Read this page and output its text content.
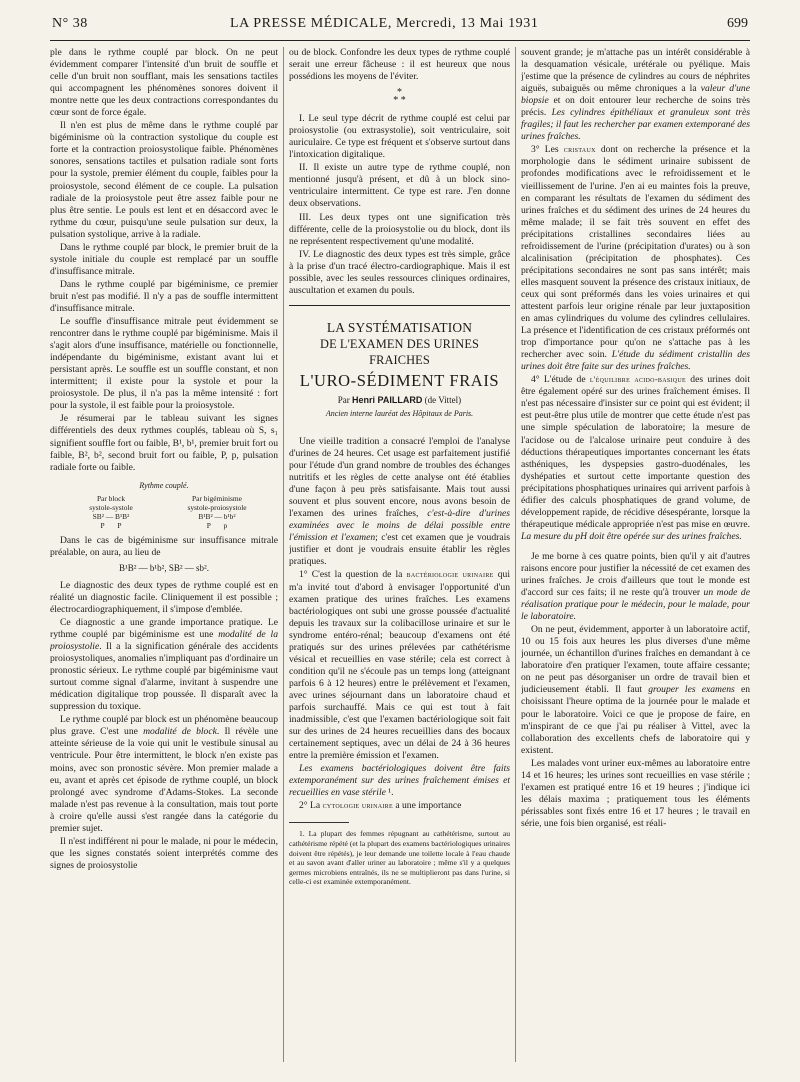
N° 38	LA PRESSE MÉDICALE, Mercredi, 13 Mai 1931	699

ple dans le rythme couplé par block. On ne peut évidemment comparer l'intensité d'un bruit de souffle et celle d'un bruit non soufflant, mais les sensations tactiles qui accompagnent les phénomènes sonores doivent il montre nette que les deux contractions correspondantes du cœur sont de force égale.

Il n'en est plus de même dans le rythme couplé par bigéminisme où la contraction systolique du couple est forte et la contraction proiosystolique faible. Phénomènes sonores, sensations tactiles et pulsation radiale sont forts pour la systole, premier élément du couple, faibles pour la proiosystole, second élément de ce couple. La pulsation radiale de la proiosystole peut être assez faible pour ne plus être sentie. Le pouls est lent et en désaccord avec le rythme du cœur, puisqu'une seule pulsation sur deux, la pulsation systolique, arrive à la radiale.

Dans le rythme couplé par block, le premier bruit de la systole initiale du couple est remplacé par un souffle d'insuffisance mitrale.

Dans le rythme couplé par bigéminisme, ce premier bruit n'est pas modifié. Il n'y a pas de souffle intermittent d'insuffisance mitrale.

Le souffle d'insuffisance mitrale peut évidemment se rencontrer dans le rythme couplé par bigéminisme. Mais il s'agit alors d'une insuffisance, matérielle ou fonctionnelle, indépendante du bigéminisme, existant avant lui et persistant après. Le souffle est un souffle constant, et non intermittent; il existe pour la systole et pour la proiosystole. De plus, il n'a pas la même intensité : fort pour la systole, il est faible pour la proiosystole.

Je résumerai par le tableau suivant les signes différentiels des deux rythmes couplés, tableau où S, s₁ signifient souffle fort ou faible, B¹, b¹, premier bruit fort ou faible, B², b², second bruit fort ou faible, P, p, pulsation radiale forte ou faible.

Rythme couplé.
Par block
systole-systole
SB² — B¹B²
P       P
Par bigéminisme
systole-proiosystole
B¹B² — b¹b²
P       p

Dans le cas de bigéminisme sur insuffisance mitrale préalable, on aura, au lieu de

B¹B² — b¹b², SB² — sb².

Le diagnostic des deux types de rythme couplé est en réalité un diagnostic facile. Cliniquement il est possible ; électrocardiographiquement, il s'impose d'emblée.

Ce diagnostic a une grande importance pratique. Le rythme couplé par bigéminisme est une modalité de la proiosystolie. Il a la signification générale des accidents proiosystoliques, anomalies n'impliquant pas d'ordinaire un pronostic sérieux. Le rythme couplé par bigéminisme vaut surtout comme signal d'alarme, invitant à suspendre une médication digitalique trop poussée. Il disparaît avec la suppression du toxique.

Le rythme couplé par block est un phénomène beaucoup plus grave. C'est une modalité de block. Il révèle une atteinte sérieuse de la voie qui unit le vestibule sinusal au ventricule. Pour être intermittent, le block n'en existe pas moins, avec son pronostic sévère. Mon premier malade a eu, avant et après cet épisode de rythme couplé, un block prolongé avec syndrome d'Adams-Stokes. La seconde malade n'est pas revenue à la consultation, mais tout porte à croire qu'elle aussi s'est rangée dans la catégorie du premier sujet.

Il n'est indifférent ni pour le malade, ni pour le médecin, que les signes constatés soient interprétés comme des signes de proiosystolie

ou de block. Confondre les deux types de rythme couplé serait une erreur fâcheuse : il est heureux que nous possédions les moyens de l'éviter.

*
* *

I. Le seul type décrit de rythme couplé est celui par proiosystolie (ou extrasystolie), soit ventriculaire, soit auriculaire. Ce type est fréquent et s'observe surtout dans l'intoxication digitalique.

II. Il existe un autre type de rythme couplé, non mentionné jusqu'à présent, et dû à un block sino-ventriculaire intermittent. Ce type est rare. J'en donne deux observations.

III. Les deux types ont une signification très différente, celle de la proiosystolie ou du block, dont ils ne représentent respectivement qu'une modalité.

IV. Le diagnostic des deux types est très simple, grâce à la prise d'un tracé électro-cardiographique. Mais il est possible, avec les seules ressources cliniques ordinaires, auscultation et examen du pouls.

LA SYSTÉMATISATION
DE L'EXAMEN DES URINES FRAICHES
L'URO-SÉDIMENT FRAIS
Par Henri PAILLARD (de Vittel)
Ancien interne lauréat des Hôpitaux de Paris.

Une vieille tradition a consacré l'emploi de l'analyse d'urines de 24 heures. Cet usage est parfaitement justifié pour l'étude d'un grand nombre de troubles des échanges nutritifs et les règles de cette analyse ont été établies d'une façon à peu près satisfaisante. Mais tout aussi souvent et plus souvent encore, nous avons besoin de l'examen des urines fraîches, c'est-à-dire d'urines examinées avec le moins de délai possible entre l'émission et l'examen; c'est cet examen que je voudrais justifier et dont je voudrais ensuite établir les règles pratiques.

1° C'est la question de la bactériologie urinaire qui m'a invité tout d'abord à envisager l'opportunité d'un examen pratique des urines fraîches. Les examens bactériologiques ont subi une grosse poussée d'actualité depuis les travaux sur la colibacillose urinaire et sur le syndrome entéro-rénal; beaucoup d'examens ont été pratiqués sur des urines prélevées par cathétérisme vésical et recueillies en vase stérile; cela est correct à condition qu'il ne s'écoule pas un temps long (atteignant parfois 6 à 12 heures) entre le prélèvement et l'examen, avec urines séjournant dans un laboratoire chaud et parfois surchauffé. Mais ce qui est tout à fait inadmissible, c'est que l'examen bactériologique soit fait sur des urines de 24 heures recueillies dans des bocaux certainement septiques, avec un délai de 24 à 36 heures entre la première émission et l'examen.

Les examens bactériologiques doivent être faits extemporanément sur des urines fraîchement émises et recueillies en vase stérile ¹.

2° La cytologie urinaire a une importance

1. La plupart des femmes répugnant au cathétérisme, surtout au cathétérisme répété (et la plupart des examens bactériologiques urinaires doivent être répétés), je leur demande une toilette locale à l'eau chaude et au savon avant d'aller uriner au laboratoire ; même s'il y a quelques germes microbiens entraînés, ils ne se multiplieront pas dans l'urine, si celle-ci est examinée extemporanément.

souvent grande; je m'attache pas un intérêt considérable à la desquamation vésicale, urétérale ou pyélique. Mais j'estime que la présence de cylindres au cours de néphrites aiguës, subaiguës ou même chroniques a la valeur d'une biopsie et on doit entourer leur recherche de soins très précis. Les cylindres épithéliaux et granuleux sont très fragiles; il faut les rechercher par examen extemporané des urines fraîches.

3° Les cristaux dont on recherche la présence et la morphologie dans le sédiment urinaire subissent de profondes modifications avec le refroidissement et le vieillissement de l'urine. J'en ai eu maintes fois la preuve, en comparant les résultats de l'examen du sédiment des urines fraîches et du sédiment des urines de 24 heures du même malade; il se fait très souvent en effet des précipitations cristallines secondaires liées au refroidissement de l'urine (précipitation d'urates) ou à son alcalinisation (précipitation de phosphates). Ces précipitations secondaires ne sont pas sans intérêt; mais elles masquent souvent la présence des cristaux initiaux, de ceux qui sont préformés dans les voies urinaires et qui attestent parfois leur origine rénale par leur juxtaposition en amas cylindriques du volume des cylindres cellulaires. La présence et l'identification de ces cristaux préformés ont trop d'importance pour qu'on ne s'attache pas à les rechercher avec soin. L'étude du sédiment cristallin des urines doit être faite sur des urines fraîches.

4° L'étude de l'équilibre acido-basique des urines doit être également opéré sur des urines fraîchement émises. Il n'est pas nécessaire d'insister sur ce point qui est évident; il est peut-être plus utile de montrer que cette étude n'est pas une simple spéculation de laboratoire; la mesure de l'acidose ou de l'alcalose urinaire peut conduire à des déductions thérapeutiques importantes concernant les états asthéniques, les dyspepsies gastro-duodénales, les dyshépaties et surtout cette importante question des précipitations phosphatiques urinaires qui arrivent parfois à édifier des calculs phosphatiques de grand volume, de développement rapide, de récidive désespérante, lorsque la thérapeutique médicale appropriée n'est pas mise en œuvre. La mesure du pH doit être opérée sur des urines fraîches.

Je me borne à ces quatre points, bien qu'il y ait d'autres raisons encore pour justifier la nécessité de cet examen des urines fraîches. Je crois d'ailleurs que tout le monde est d'accord sur ces faits; il ne reste qu'à trouver un mode de réalisation pratique pour le médecin, pour le malade, pour le laboratoire.

On ne peut, évidemment, apporter à un laboratoire actif, 10 ou 15 fois aux heures les plus diverses d'une même journée, un échantillon d'urines fraîches en demandant à ce laboratoire d'en pratiquer l'examen, toute affaire cessante; on ne peut pas désorganiser un ordre de travail bien et judicieusement établi. Il faut grouper les examens en choisissant l'heure optima de la journée pour le malade et pour le laboratoire. Voici ce que je propose de faire, en m'inspirant de ce que j'ai pu réaliser à Vittel, avec la collaboration des excellents chefs de laboratoire qui y existent.

Les malades vont uriner eux-mêmes au laboratoire entre 14 et 16 heures; les urines sont recueillies en vase stérile ; l'examen est pratiqué entre 16 et 19 heures ; j'indique ici les délais maxima ; pratiquement tous les éléments périssables sont fixés entre 16 et 17 heures ; le travail en série, une fois bien organisé, est réali-
